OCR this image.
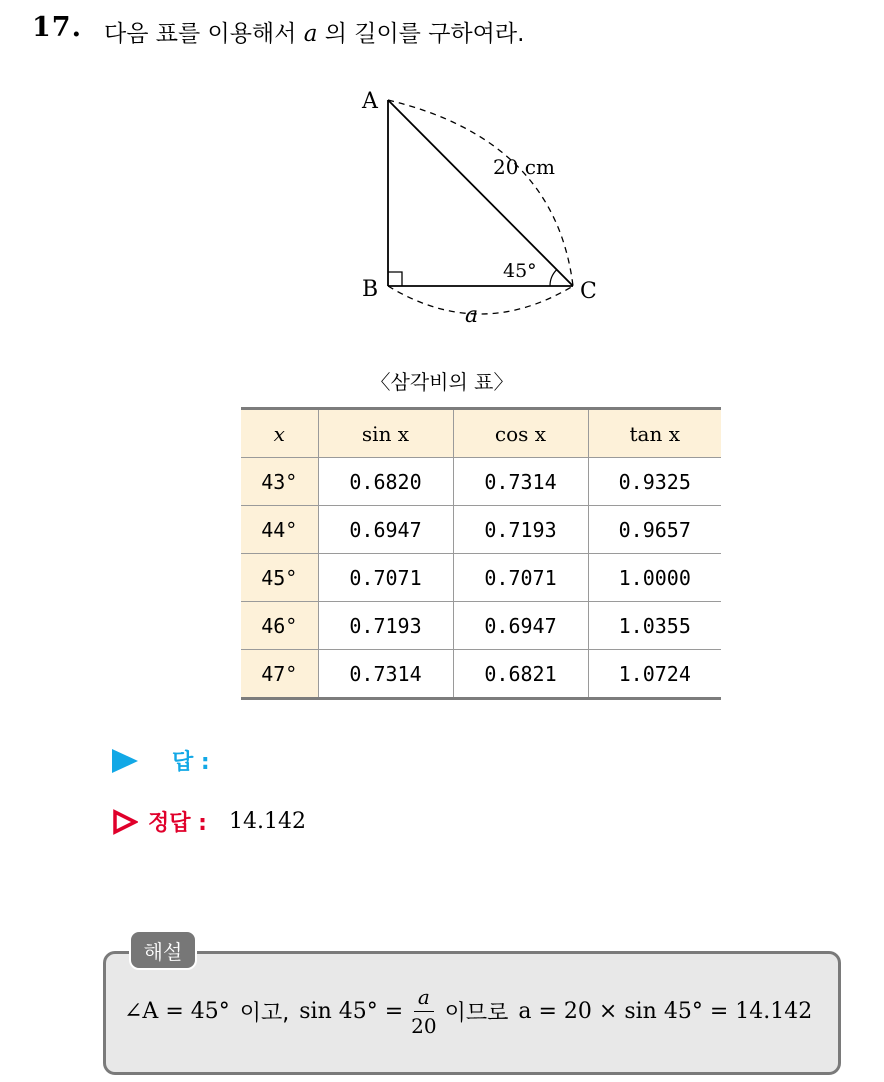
17. 다음 표를 이용해서 a 의 길이를 구하여라.
A
B	C
20 cm
45°
a
〈삼각비의 표〉
x	sin x	cos x	tan x
43°	0.6820	0.7314	0.9325
44°	0.6947	0.7193	0.9657
45°	0.7071	0.7071	1.0000
46°	0.7193	0.6947	1.0355
47°	0.7314	0.6821	1.0724
답 :
정답 : 14.142
해설
∠A = 45° 이고, $\sin 45^\circ = \frac{a}{20}$ 이므로 a = 20 × sin 45° = 14.142
